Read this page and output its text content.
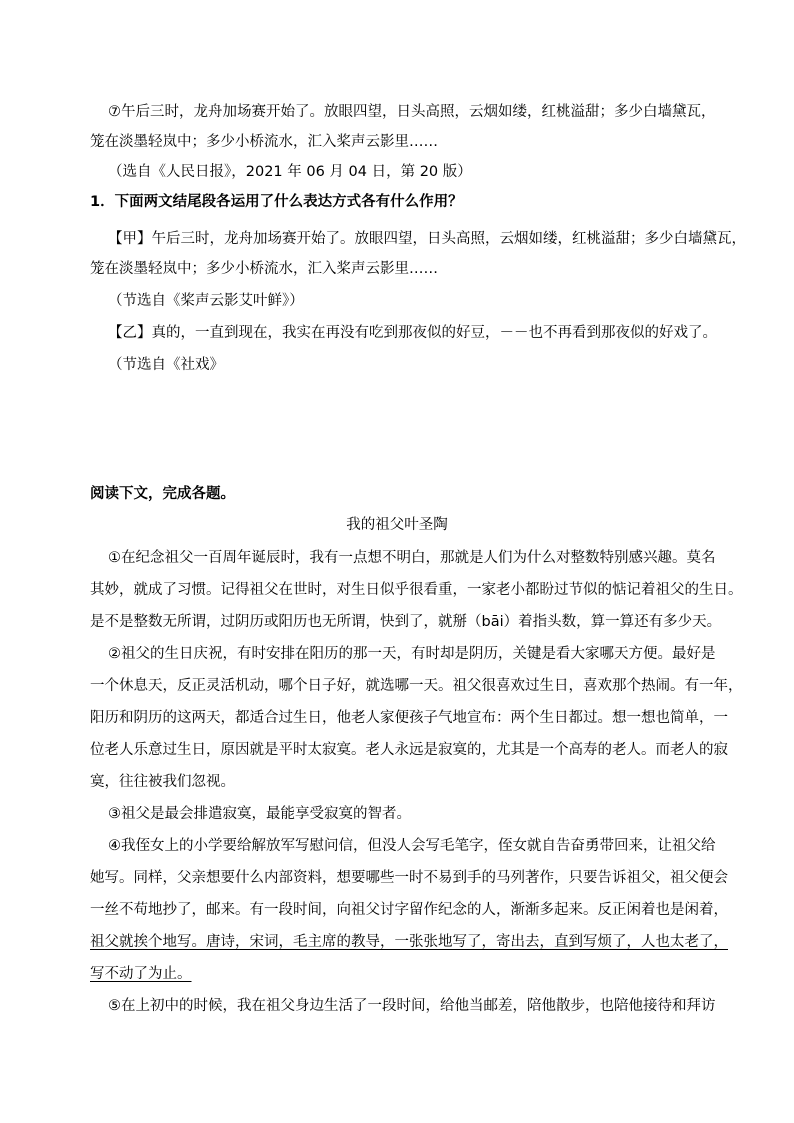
⑦午后三时，龙舟加场赛开始了。放眼四望，日头高照，云烟如缕，红桃溢甜；多少白墙黛瓦，
笼在淡墨轻岚中；多少小桥流水，汇入桨声云影里……
（选自《人民日报》，2021 年 06 月 04 日，第 20 版）
1．下面两文结尾段各运用了什么表达方式各有什么作用？
【甲】午后三时，龙舟加场赛开始了。放眼四望，日头高照，云烟如缕，红桃溢甜；多少白墙黛瓦，
笼在淡墨轻岚中；多少小桥流水，汇入桨声云影里……
（节选自《桨声云影艾叶鲜》）
【乙】真的，一直到现在，我实在再没有吃到那夜似的好豆，－－也不再看到那夜似的好戏了。
（节选自《社戏》
阅读下文，完成各题。
我的祖父叶圣陶
①在纪念祖父一百周年诞辰时，我有一点想不明白，那就是人们为什么对整数特别感兴趣。莫名
其妙，就成了习惯。记得祖父在世时，对生日似乎很看重，一家老小都盼过节似的惦记着祖父的生日。
是不是整数无所谓，过阴历或阳历也无所谓，快到了，就掰（bāi）着指头数，算一算还有多少天。
②祖父的生日庆祝，有时安排在阳历的那一天，有时却是阴历，关键是看大家哪天方便。最好是
一个休息天，反正灵活机动，哪个日子好，就选哪一天。祖父很喜欢过生日，喜欢那个热闹。有一年，
阳历和阴历的这两天，都适合过生日，他老人家便孩子气地宣布：两个生日都过。想一想也简单，一
位老人乐意过生日，原因就是平时太寂寞。老人永远是寂寞的，尤其是一个高寿的老人。而老人的寂
寞，往往被我们忽视。
③祖父是最会排遣寂寞，最能享受寂寞的智者。
④我侄女上的小学要给解放军写慰问信，但没人会写毛笔字，侄女就自告奋勇带回来，让祖父给
她写。同样，父亲想要什么内部资料，想要哪些一时不易到手的马列著作，只要告诉祖父，祖父便会
一丝不苟地抄了，邮来。有一段时间，向祖父讨字留作纪念的人，渐渐多起来。反正闲着也是闲着，
祖父就挨个地写。唐诗，宋词，毛主席的教导，一张张地写了，寄出去，直到写烦了，人也太老了，
写不动了为止。
⑤在上初中的时候，我在祖父身边生活了一段时间，给他当邮差，陪他散步，也陪他接待和拜访
